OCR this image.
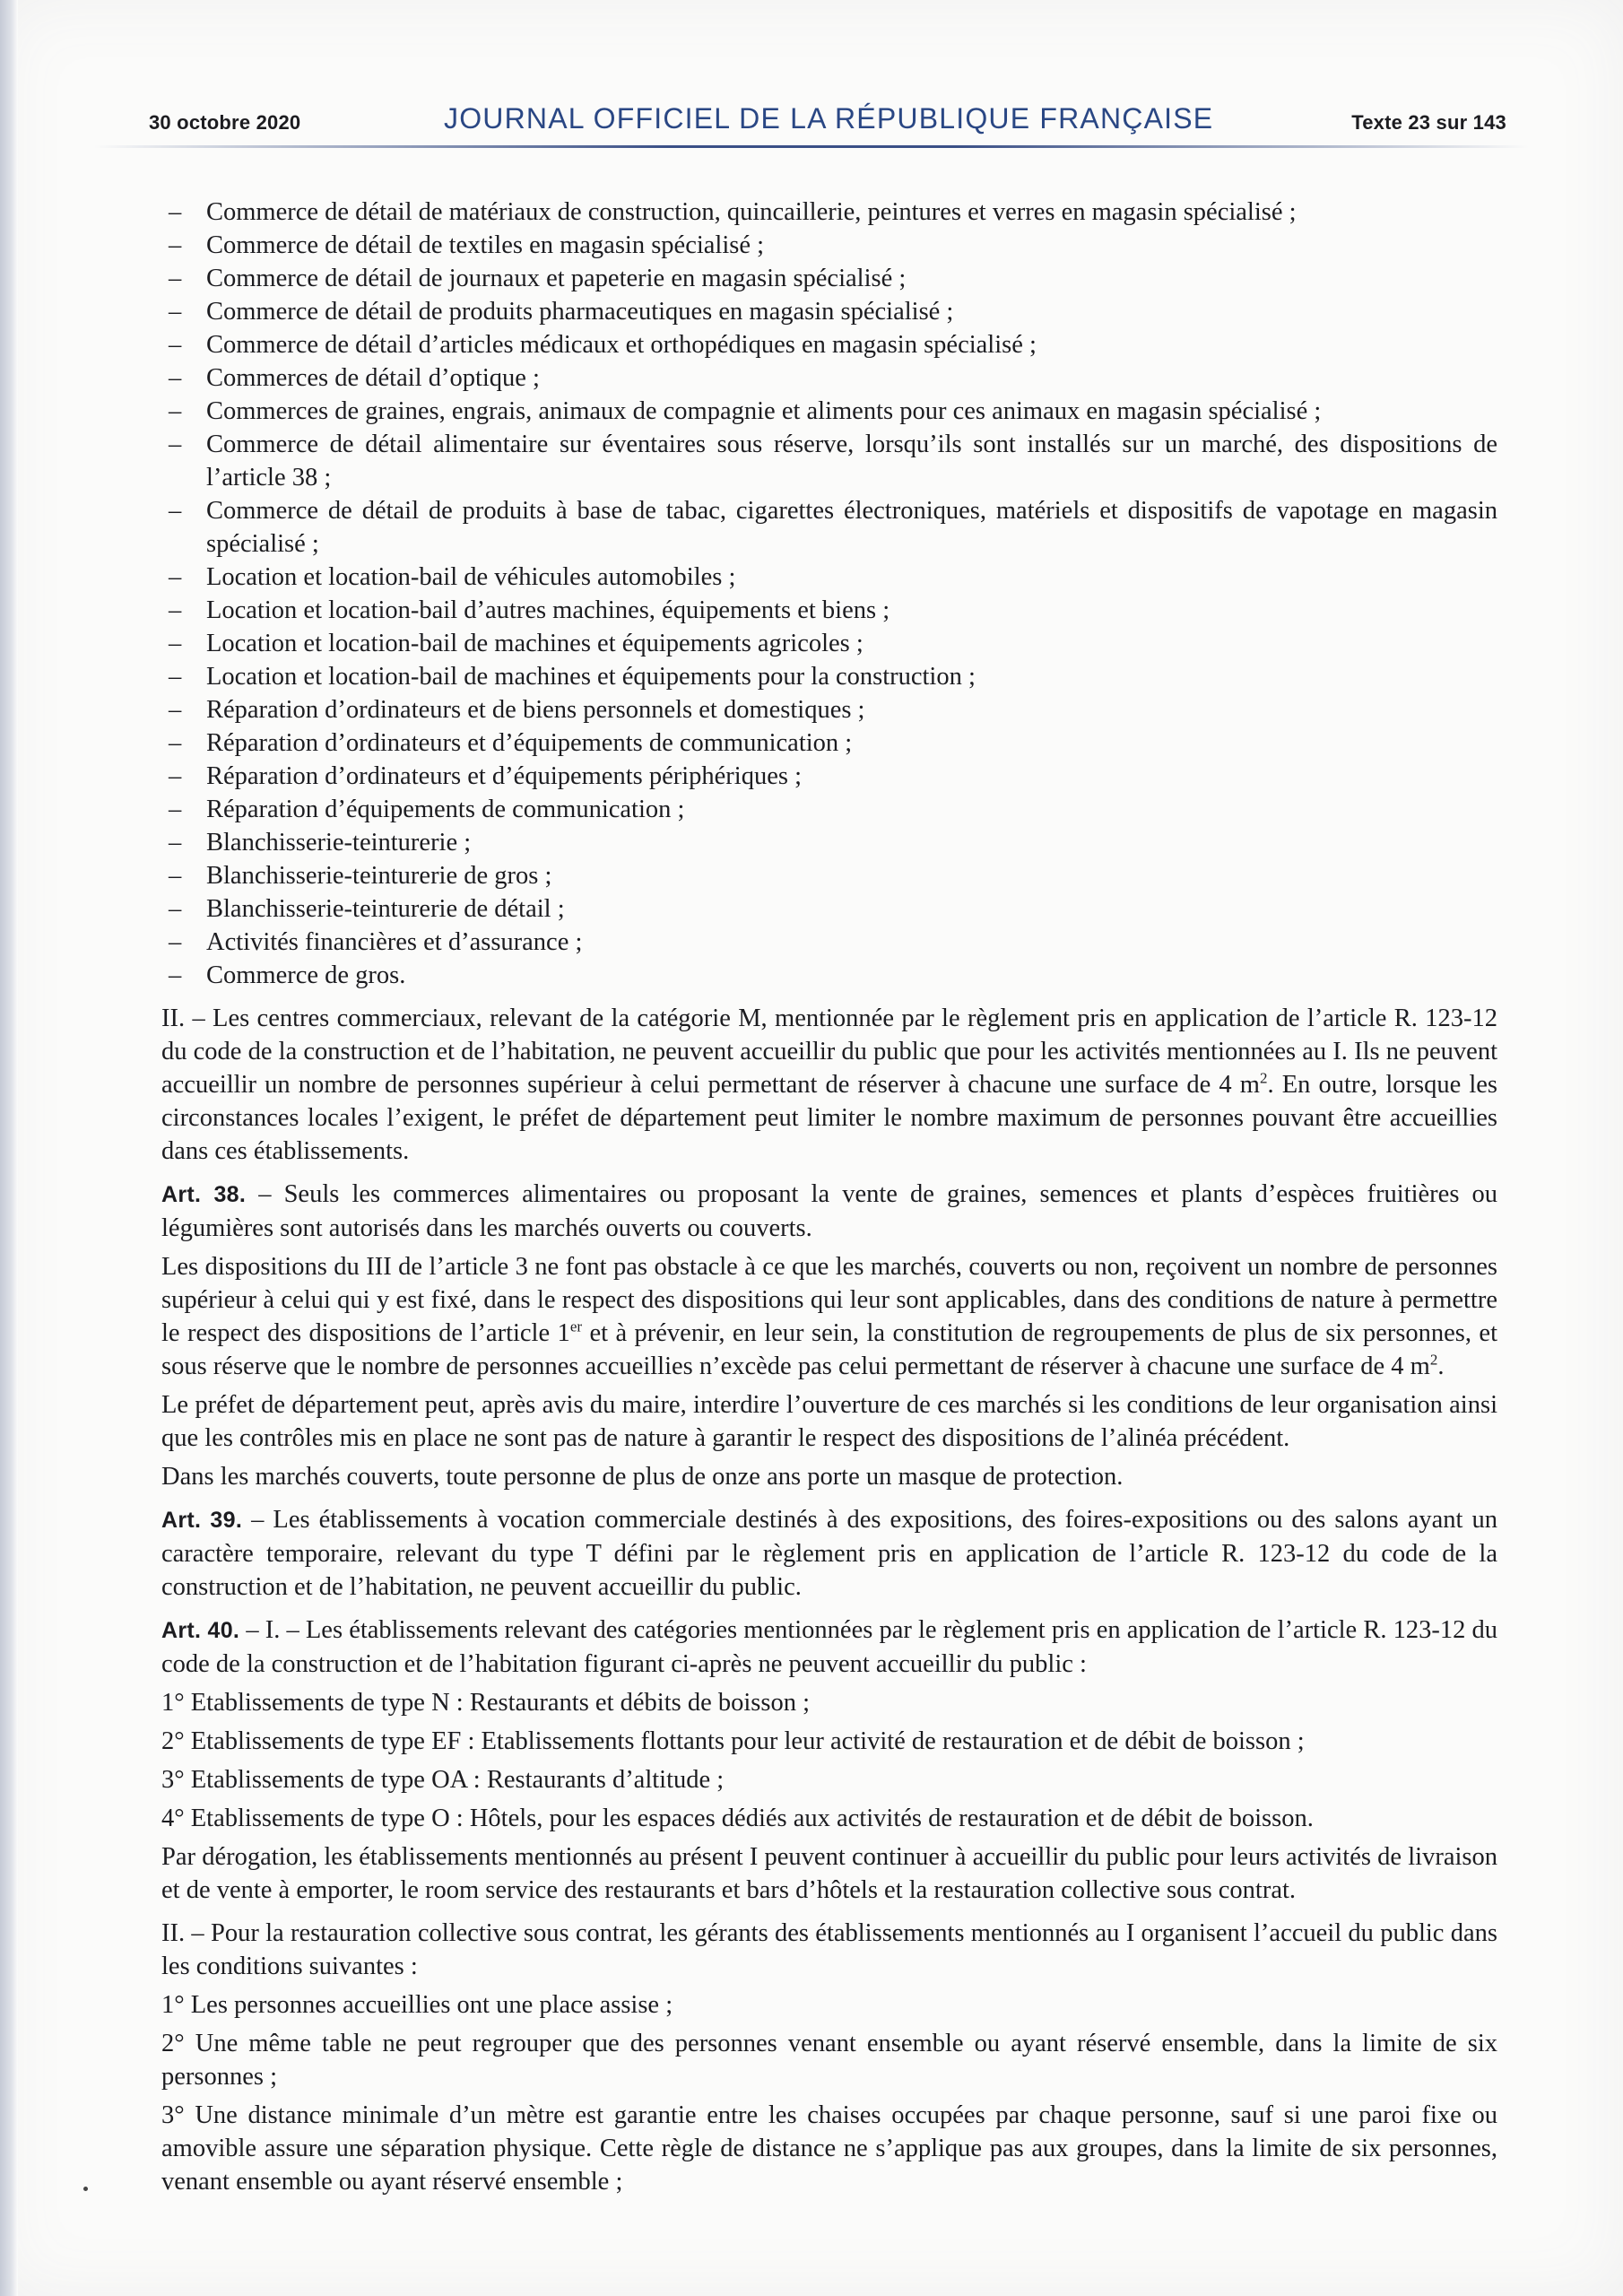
30 octobre 2020	JOURNAL OFFICIEL DE LA RÉPUBLIQUE FRANÇAISE	Texte 23 sur 143

– Commerce de détail de matériaux de construction, quincaillerie, peintures et verres en magasin spécialisé ;

– Commerce de détail de textiles en magasin spécialisé ;

– Commerce de détail de journaux et papeterie en magasin spécialisé ;

– Commerce de détail de produits pharmaceutiques en magasin spécialisé ;

– Commerce de détail d’articles médicaux et orthopédiques en magasin spécialisé ;

– Commerces de détail d’optique ;

– Commerces de graines, engrais, animaux de compagnie et aliments pour ces animaux en magasin spécialisé ;

– Commerce de détail alimentaire sur éventaires sous réserve, lorsqu’ils sont installés sur un marché, des dispositions de l’article 38 ;

– Commerce de détail de produits à base de tabac, cigarettes électroniques, matériels et dispositifs de vapotage en magasin spécialisé ;

– Location et location-bail de véhicules automobiles ;

– Location et location-bail d’autres machines, équipements et biens ;

– Location et location-bail de machines et équipements agricoles ;

– Location et location-bail de machines et équipements pour la construction ;

– Réparation d’ordinateurs et de biens personnels et domestiques ;

– Réparation d’ordinateurs et d’équipements de communication ;

– Réparation d’ordinateurs et d’équipements périphériques ;

– Réparation d’équipements de communication ;

– Blanchisserie-teinturerie ;

– Blanchisserie-teinturerie de gros ;

– Blanchisserie-teinturerie de détail ;

– Activités financières et d’assurance ;

– Commerce de gros.

II. – Les centres commerciaux, relevant de la catégorie M, mentionnée par le règlement pris en application de l’article R. 123-12 du code de la construction et de l’habitation, ne peuvent accueillir du public que pour les activités mentionnées au I. Ils ne peuvent accueillir un nombre de personnes supérieur à celui permettant de réserver à chacune une surface de 4 $m^2$. En outre, lorsque les circonstances locales l’exigent, le préfet de département peut limiter le nombre maximum de personnes pouvant être accueillies dans ces établissements.

Art. 38. – Seuls les commerces alimentaires ou proposant la vente de graines, semences et plants d’espèces fruitières ou légumières sont autorisés dans les marchés ouverts ou couverts.

Les dispositions du III de l’article 3 ne font pas obstacle à ce que les marchés, couverts ou non, reçoivent un nombre de personnes supérieur à celui qui y est fixé, dans le respect des dispositions qui leur sont applicables, dans des conditions de nature à permettre le respect des dispositions de l’article 1er et à prévenir, en leur sein, la constitution de regroupements de plus de six personnes, et sous réserve que le nombre de personnes accueillies n’excède pas celui permettant de réserver à chacune une surface de 4 $m^2$.

Le préfet de département peut, après avis du maire, interdire l’ouverture de ces marchés si les conditions de leur organisation ainsi que les contrôles mis en place ne sont pas de nature à garantir le respect des dispositions de l’alinéa précédent.

Dans les marchés couverts, toute personne de plus de onze ans porte un masque de protection.

Art. 39. – Les établissements à vocation commerciale destinés à des expositions, des foires-expositions ou des salons ayant un caractère temporaire, relevant du type T défini par le règlement pris en application de l’article R. 123-12 du code de la construction et de l’habitation, ne peuvent accueillir du public.

Art. 40. – I. – Les établissements relevant des catégories mentionnées par le règlement pris en application de l’article R. 123-12 du code de la construction et de l’habitation figurant ci-après ne peuvent accueillir du public :

1° Etablissements de type N : Restaurants et débits de boisson ;

2° Etablissements de type EF : Etablissements flottants pour leur activité de restauration et de débit de boisson ;

3° Etablissements de type OA : Restaurants d’altitude ;

4° Etablissements de type O : Hôtels, pour les espaces dédiés aux activités de restauration et de débit de boisson.

Par dérogation, les établissements mentionnés au présent I peuvent continuer à accueillir du public pour leurs activités de livraison et de vente à emporter, le room service des restaurants et bars d’hôtels et la restauration collective sous contrat.

II. – Pour la restauration collective sous contrat, les gérants des établissements mentionnés au I organisent l’accueil du public dans les conditions suivantes :

1° Les personnes accueillies ont une place assise ;

2° Une même table ne peut regrouper que des personnes venant ensemble ou ayant réservé ensemble, dans la limite de six personnes ;

3° Une distance minimale d’un mètre est garantie entre les chaises occupées par chaque personne, sauf si une paroi fixe ou amovible assure une séparation physique. Cette règle de distance ne s’applique pas aux groupes, dans la limite de six personnes, venant ensemble ou ayant réservé ensemble ;
